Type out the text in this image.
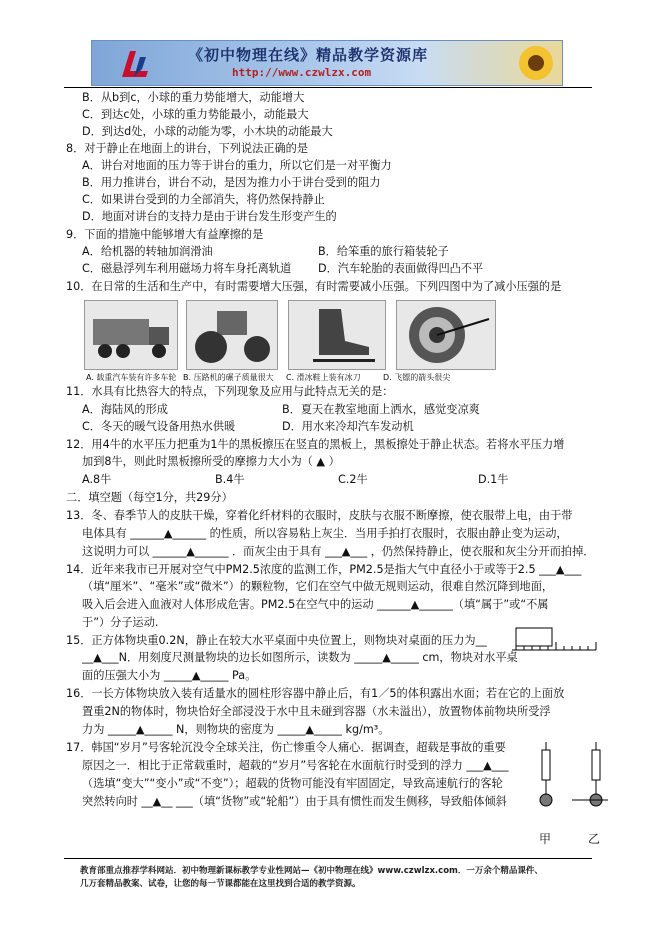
《初中物理在线》精品教学资源库
http://www.czwlzx.com
B．从b到c，小球的重力势能增大，动能增大
C．到达c处，小球的重力势能最小，动能最大
D．到达d处，小球的动能为零，小木块的动能最大
8．对于静止在地面上的讲台，下列说法正确的是
A．讲台对地面的压力等于讲台的重力，所以它们是一对平衡力
B．用力推讲台，讲台不动，是因为推力小于讲台受到的阻力
C．如果讲台受到的力全部消失，将仍然保持静止
D．地面对讲台的支持力是由于讲台发生形变产生的
9．下面的措施中能够增大有益摩擦的是
A．给机器的转轴加润滑油	B．给笨重的旅行箱装轮子
C．磁悬浮列车利用磁场力将车身托离轨道 D．汽车轮胎的表面做得凹凸不平
10．在日常的生活和生产中，有时需要增大压强，有时需要减小压强。下列四图中为了减小压强的是
11．水具有比热容大的特点，下列现象及应用与此特点无关的是：
A．海陆风的形成	B．夏天在教室地面上洒水，感觉变凉爽
C．冬天的暖气设备用热水供暖	D．用水来冷却汽车发动机
12．用4牛的水平压力把重为1牛的黑板擦压在竖直的黑板上，黑板擦处于静止状态。若将水平压力增
加到8牛，则此时黑板擦所受的摩擦力大小为（ ▲ ）
A.8牛	B.4牛	C.2牛	D.1牛
二．填空题（每空1分，共29分）
13．冬、春季节人的皮肤干燥，穿着化纤材料的衣服时，皮肤与衣服不断摩擦，使衣服带上电，由于带
电体具有 ______▲______ 的性质，所以容易粘上灰尘．当用手拍打衣服时，衣服由静止变为运动，
这说明力可以 ______▲______ ．而灰尘由于具有 ___▲___ ，仍然保持静止，使衣服和灰尘分开而拍掉．
14．近年来我市已开展对空气中PM2.5浓度的监测工作，PM2.5是指大气中直径小于或等于2.5 ___▲___
（填“厘米”、“毫米”或“微米”）的颗粒物，它们在空气中做无规则运动，很难自然沉降到地面，
吸入后会进入血液对人体形成危害。PM2.5在空气中的运动 ______▲______（填“属于”或“不属
于”）分子运动.
15．正方体物块重0.2N，静止在较大水平桌面中央位置上，则物块对桌面的压力为__
__▲___N．用刻度尺测量物块的边长如图所示，读数为 _____▲_____ cm，物块对水平桌
面的压强大小为 _____▲_____ Pa。
16．一长方体物块放入装有适量水的圆柱形容器中静止后，有1／5的体积露出水面；若在它的上面放
置重2N的物体时，物块恰好全部浸没于水中且未碰到容器（水未溢出），放置物体前物块所受浮
力为 _____▲_____ N，则物块的密度为 _____▲_____ kg/m³。
17．韩国“岁月”号客轮沉没令全球关注，伤亡惨重令人痛心．据调查，超载是事故的重要
原因之一．相比于正常载重时，超载的“岁月”号客轮在水面航行时受到的浮力 ___▲___
（选填“变大”“变小”或“不变”）；超载的货物可能没有牢固固定，导致高速航行的客轮
突然转向时 __▲__ ___（填“货物”或“轮船”）由于具有惯性而发生侧移，导致船体倾斜
A. 载重汽车装有许多车轮 B. 压路机的碾子质量很大 C. 滑冰鞋上装有冰刀	D. 飞镖的箭头很尖
甲	乙
教育部重点推荐学科网站．初中物理新课标教学专业性网站—《初中物理在线》www.czwlzx.com．一万余个精品课件、
几万套精品教案、试卷，让您的每一节课都能在这里找到合适的教学资源。
